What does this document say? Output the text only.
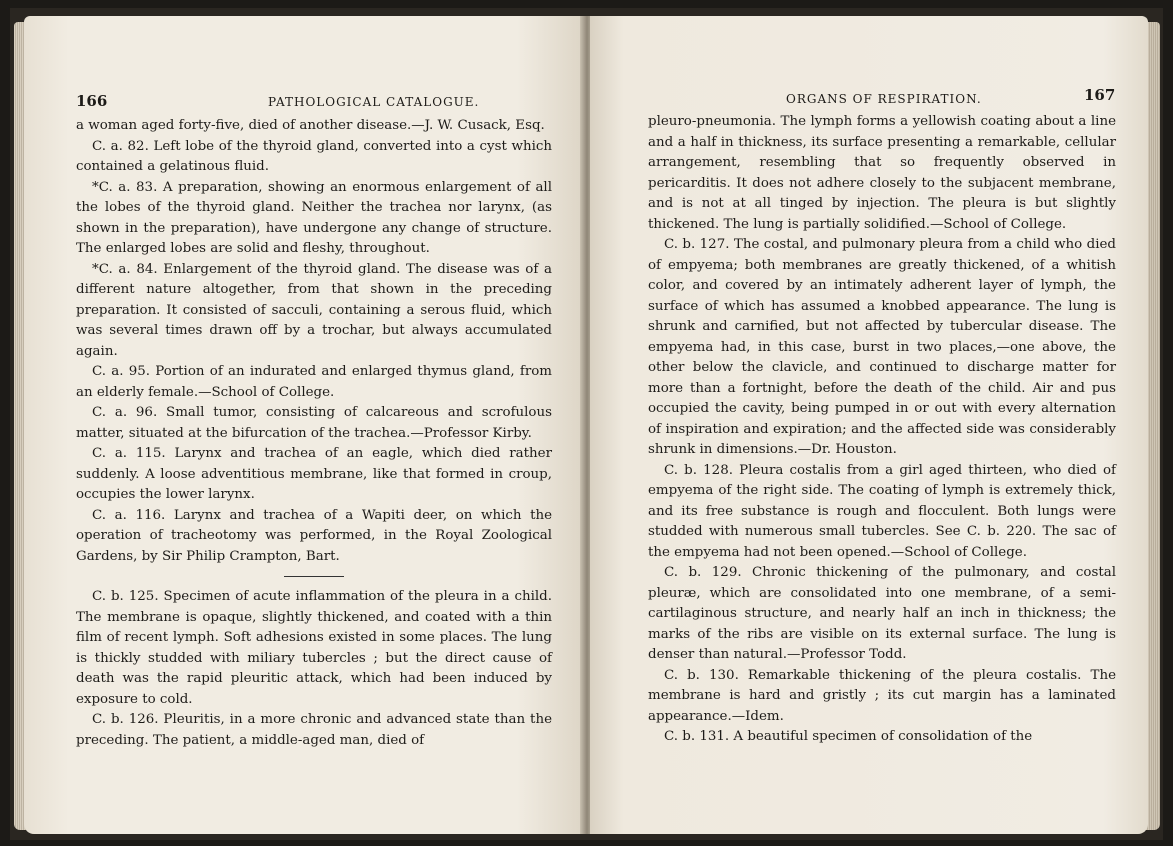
166	PATHOLOGICAL CATALOGUE.

a woman aged forty-five, died of another disease.—J. W. Cusack, Esq.

C. a. 82. Left lobe of the thyroid gland, converted into a cyst which contained a gelatinous fluid.

*C. a. 83. A preparation, showing an enormous enlargement of all the lobes of the thyroid gland. Neither the trachea nor larynx, (as shown in the preparation), have undergone any change of structure. The enlarged lobes are solid and fleshy, throughout.

*C. a. 84. Enlargement of the thyroid gland. The disease was of a different nature altogether, from that shown in the preceding preparation. It consisted of sacculi, containing a serous fluid, which was several times drawn off by a trochar, but always accumulated again.

C. a. 95. Portion of an indurated and enlarged thymus gland, from an elderly female.—School of College.

C. a. 96. Small tumor, consisting of calcareous and scrofulous matter, situated at the bifurcation of the trachea.—Professor Kirby.

C. a. 115. Larynx and trachea of an eagle, which died rather suddenly. A loose adventitious membrane, like that formed in croup, occupies the lower larynx.

C. a. 116. Larynx and trachea of a Wapiti deer, on which the operation of tracheotomy was performed, in the Royal Zoological Gardens, by Sir Philip Crampton, Bart.

C. b. 125. Specimen of acute inflammation of the pleura in a child. The membrane is opaque, slightly thickened, and coated with a thin film of recent lymph. Soft adhesions existed in some places. The lung is thickly studded with miliary tubercles ; but the direct cause of death was the rapid pleuritic attack, which had been induced by exposure to cold.

C. b. 126. Pleuritis, in a more chronic and advanced state than the preceding. The patient, a middle-aged man, died of

ORGANS OF RESPIRATION.	167

pleuro-pneumonia. The lymph forms a yellowish coating about a line and a half in thickness, its surface presenting a remarkable, cellular arrangement, resembling that so frequently observed in pericarditis. It does not adhere closely to the subjacent membrane, and is not at all tinged by injection. The pleura is but slightly thickened. The lung is partially solidified.—School of College.

C. b. 127. The costal, and pulmonary pleura from a child who died of empyema; both membranes are greatly thickened, of a whitish color, and covered by an intimately adherent layer of lymph, the surface of which has assumed a knobbed appearance. The lung is shrunk and carnified, but not affected by tubercular disease. The empyema had, in this case, burst in two places,—one above, the other below the clavicle, and continued to discharge matter for more than a fortnight, before the death of the child. Air and pus occupied the cavity, being pumped in or out with every alternation of inspiration and expiration; and the affected side was considerably shrunk in dimensions.—Dr. Houston.

C. b. 128. Pleura costalis from a girl aged thirteen, who died of empyema of the right side. The coating of lymph is extremely thick, and its free substance is rough and flocculent. Both lungs were studded with numerous small tubercles. See C. b. 220. The sac of the empyema had not been opened.—School of College.

C. b. 129. Chronic thickening of the pulmonary, and costal pleuræ, which are consolidated into one membrane, of a semi-cartilaginous structure, and nearly half an inch in thickness; the marks of the ribs are visible on its external surface. The lung is denser than natural.—Professor Todd.

C. b. 130. Remarkable thickening of the pleura costalis. The membrane is hard and gristly ; its cut margin has a laminated appearance.—Idem.

C. b. 131. A beautiful specimen of consolidation of the
